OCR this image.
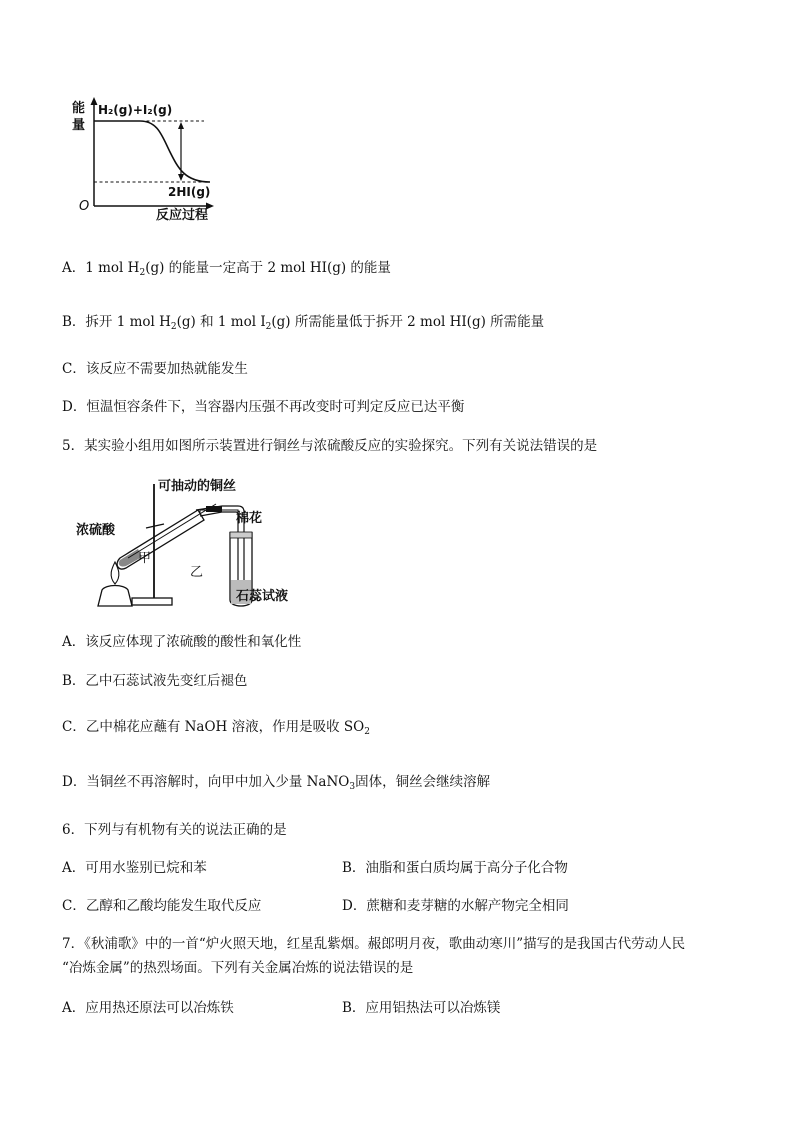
能
量
H₂(g)+I₂(g)
2HI(g)
O
反应过程
A．1 mol $H_2(g)$ 的能量一定高于 2 mol HI(g) 的能量
B．拆开 1 mol $H_2(g)$ 和 1 mol $I_2(g)$ 所需能量低于拆开 2 mol HI(g) 所需能量
C．该反应不需要加热就能发生
D．恒温恒容条件下，当容器内压强不再改变时可判定反应已达平衡
5．某实验小组用如图所示装置进行铜丝与浓硫酸反应的实验探究。下列有关说法错误的是
可抽动的铜丝
浓硫酸
棉花
甲
乙
石蕊试液
A．该反应体现了浓硫酸的酸性和氧化性
B．乙中石蕊试液先变红后褪色
C．乙中棉花应蘸有 NaOH 溶液，作用是吸收 $SO_2$
D．当铜丝不再溶解时，向甲中加入少量 NaNO$_3$固体，铜丝会继续溶解
6．下列与有机物有关的说法正确的是
A．可用水鉴别已烷和苯	B．油脂和蛋白质均属于高分子化合物
C．乙醇和乙酸均能发生取代反应	D．蔗糖和麦芽糖的水解产物完全相同
7．《秋浦歌》中的一首“炉火照天地，红星乱紫烟。赧郎明月夜，歌曲动寒川”描写的是我国古代劳动人民
“冶炼金属”的热烈场面。下列有关金属冶炼的说法错误的是
A．应用热还原法可以冶炼铁	B．应用铝热法可以冶炼镁
